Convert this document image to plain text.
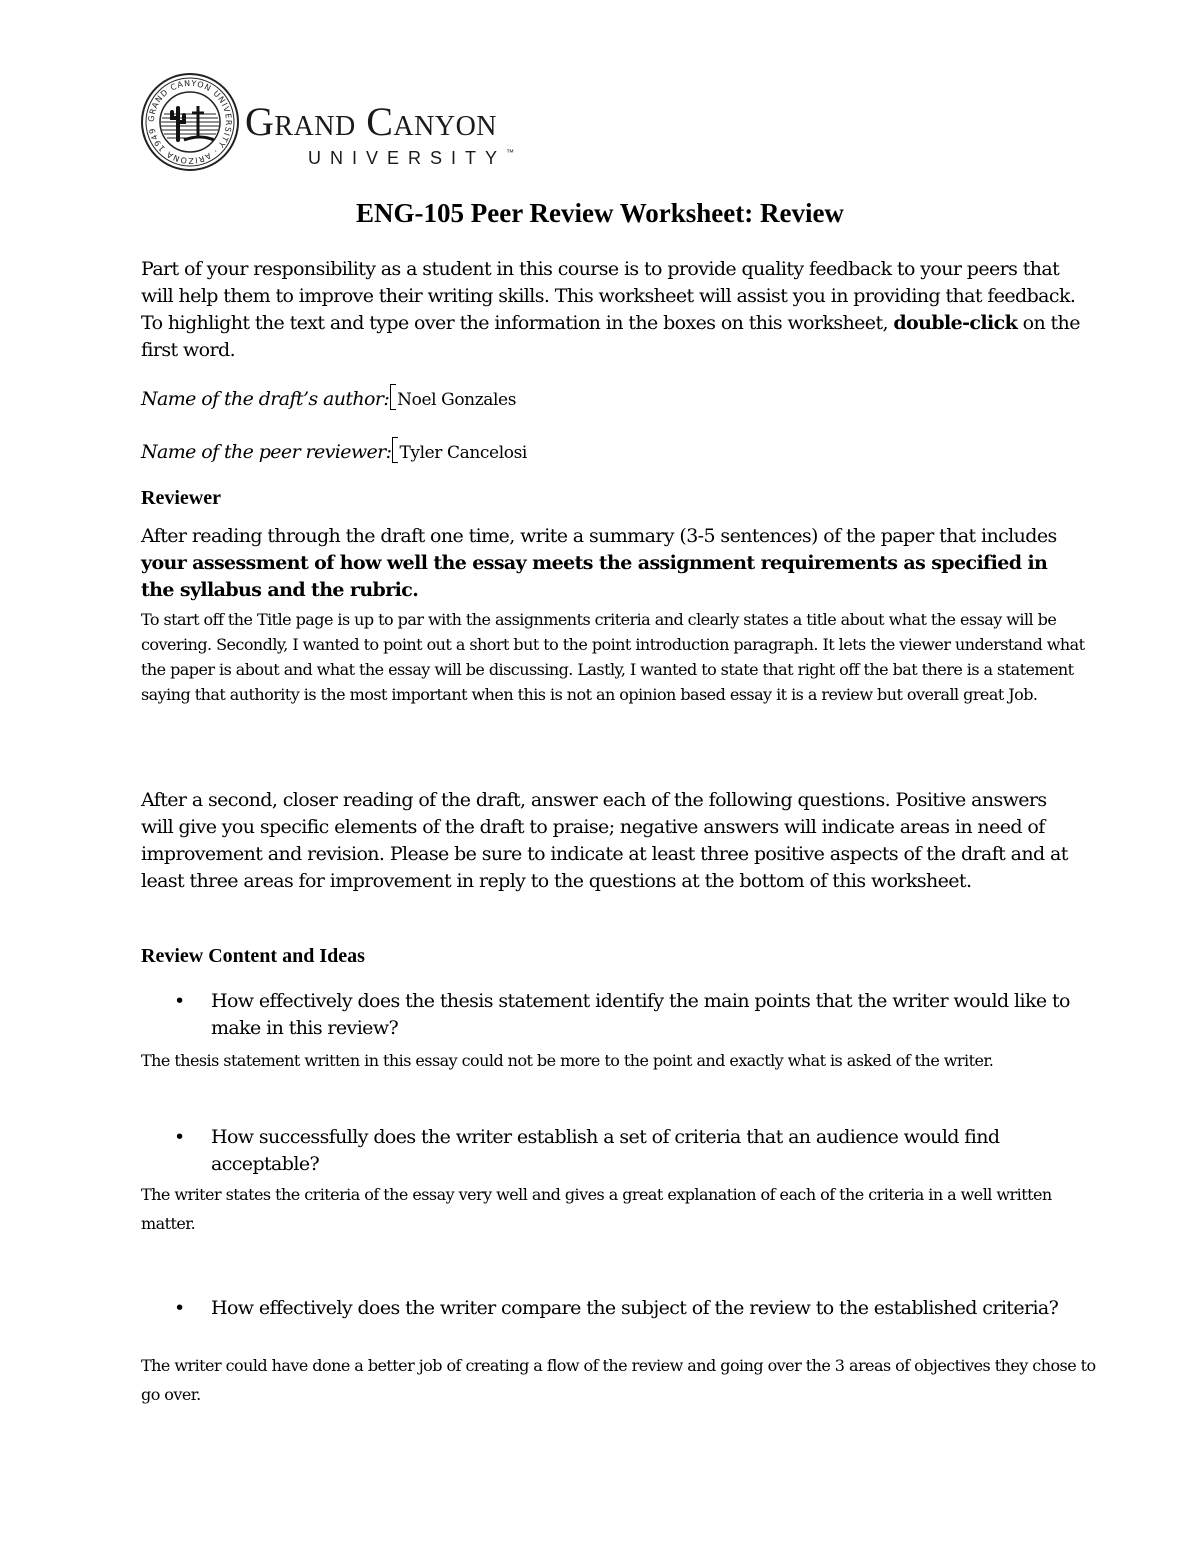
GRAND CANYON UNIVERSITY · ARIZONA 1949	Grand Canyon
UNIVERSITY™
ENG-105 Peer Review Worksheet: Review

Part of your responsibility as a student in this course is to provide quality feedback to your peers that will help them to improve their writing skills. This worksheet will assist you in providing that feedback. To highlight the text and type over the information in the boxes on this worksheet, double-click on the first word.

Name of the draft’s author: Noel Gonzales
Name of the peer reviewer: Tyler Cancelosi
Reviewer

After reading through the draft one time, write a summary (3-5 sentences) of the paper that includes your assessment of how well the essay meets the assignment requirements as specified in the syllabus and the rubric.

To start off the Title page is up to par with the assignments criteria and clearly states a title about what the essay will be covering. Secondly, I wanted to point out a short but to the point introduction paragraph. It lets the viewer understand what the paper is about and what the essay will be discussing. Lastly, I wanted to state that right off the bat there is a statement saying that authority is the most important when this is not an opinion based essay it is a review but overall great Job.

After a second, closer reading of the draft, answer each of the following questions. Positive answers will give you specific elements of the draft to praise; negative answers will indicate areas in need of improvement and revision. Please be sure to indicate at least three positive aspects of the draft and at least three areas for improvement in reply to the questions at the bottom of this worksheet.

Review Content and Ideas
• How effectively does the thesis statement identify the main points that the writer would like to make in this review?

The thesis statement written in this essay could not be more to the point and exactly what is asked of the writer.

• How successfully does the writer establish a set of criteria that an audience would find acceptable?

The writer states the criteria of the essay very well and gives a great explanation of each of the criteria in a well written matter.

• How effectively does the writer compare the subject of the review to the established criteria?

The writer could have done a better job of creating a flow of the review and going over the 3 areas of objectives they chose to go over.
